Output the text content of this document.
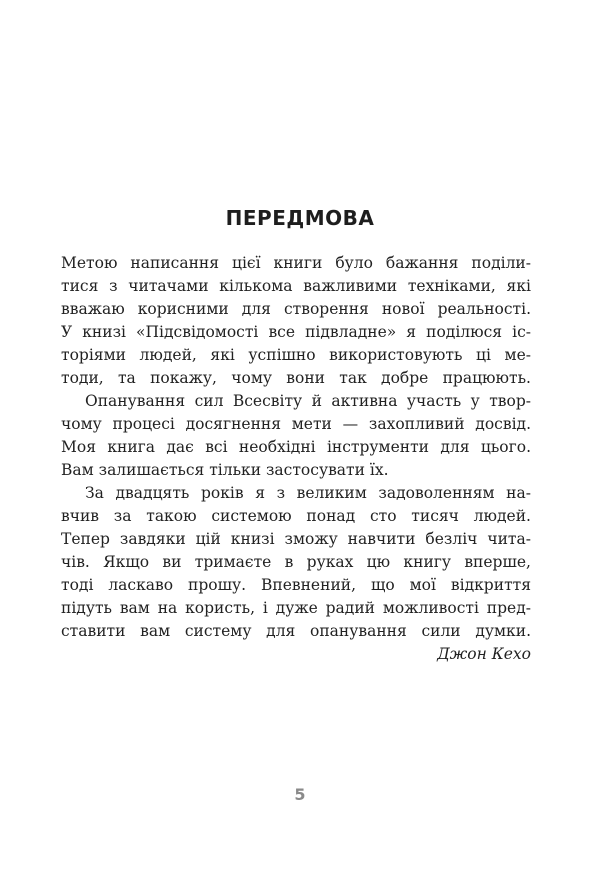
ПЕРЕДМОВА

Метою написання цієї книги було бажання поділи-
тися з читачами кількома важливими техніками, які
вважаю корисними для створення нової реальності.
У книзі «Підсвідомості все підвладне» я поділюся іс-
торіями людей, які успішно використовують ці ме-
тоди, та покажу, чому вони так добре працюють.

Опанування сил Всесвіту й активна участь у твор-
чому процесі досягнення мети — захопливий досвід.
Моя книга дає всі необхідні інструменти для цього.
Вам залишається тільки застосувати їх.

За двадцять років я з великим задоволенням на-
вчив за такою системою понад сто тисяч людей.
Тепер завдяки цій книзі зможу навчити безліч чита-
чів. Якщо ви тримаєте в руках цю книгу вперше,
тоді ласкаво прошу. Впевнений, що мої відкриття
підуть вам на користь, і дуже радий можливості пред-
ставити вам систему для опанування сили думки.

Джон Кехо
5
